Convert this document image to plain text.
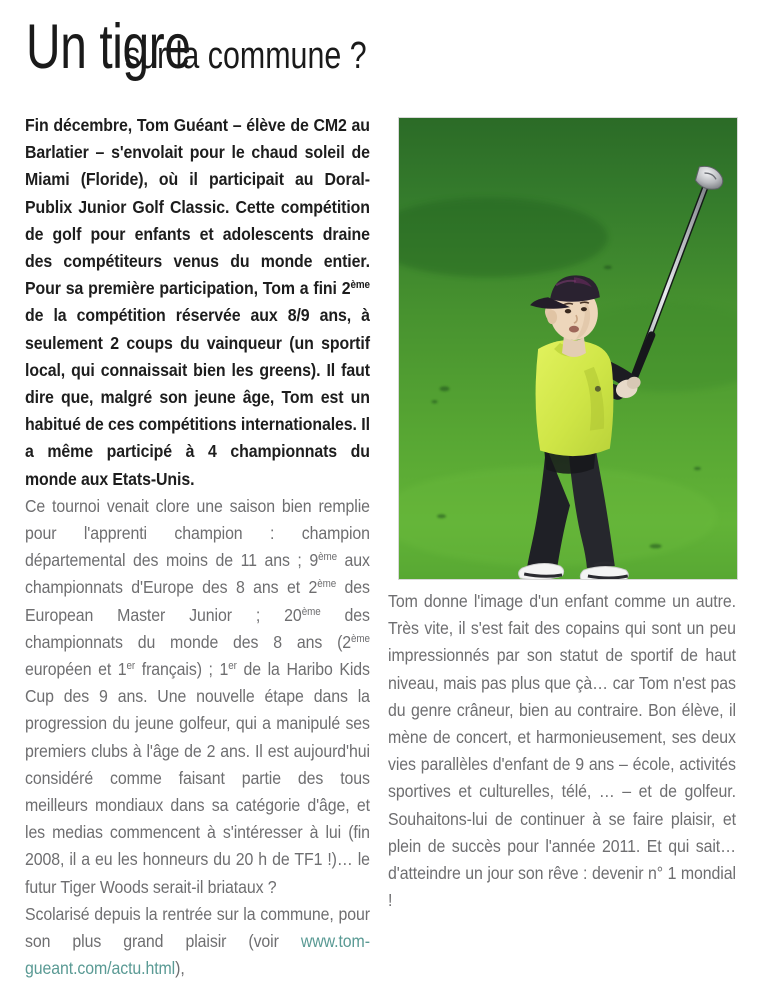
Un tigresur la commune ?

Fin décembre, Tom Guéant – élève de CM2 au Barlatier – s'envolait pour le chaud soleil de Miami (Floride), où il participait au Doral-Publix Junior Golf Classic. Cette compétition de golf pour enfants et adolescents draine des compétiteurs venus du monde entier. Pour sa première participation, Tom a fini 2ème de la compétition réservée aux 8/9 ans, à seulement 2 coups du vainqueur (un sportif local, qui connaissait bien les greens). Il faut dire que, malgré son jeune âge, Tom est un habitué de ces compétitions internationales. Il a même participé à 4 championnats du monde aux Etats-Unis.

Ce tournoi venait clore une saison bien remplie pour l'apprenti champion : champion départemental des moins de 11 ans ; 9ème aux championnats d'Europe des 8 ans et 2ème des European Master Junior ; 20ème des championnats du monde des 8 ans (2ème européen et 1er français) ; 1er de la Haribo Kids Cup des 9 ans. Une nouvelle étape dans la progression du jeune golfeur, qui a manipulé ses premiers clubs à l'âge de 2 ans. Il est aujourd'hui considéré comme faisant partie des tous meilleurs mondiaux dans sa catégorie d'âge, et les medias commencent à s'intéresser à lui (fin 2008, il a eu les honneurs du 20 h de TF1 !)… le futur Tiger Woods serait-il briataux ?

Scolarisé depuis la rentrée sur la commune, pour son plus grand plaisir (voir www.tom-gueant.com/actu.html),

Tom donne l'image d'un enfant comme un autre. Très vite, il s'est fait des copains qui sont un peu impressionnés par son statut de sportif de haut niveau, mais pas plus que çà… car Tom n'est pas du genre crâneur, bien au contraire. Bon élève, il mène de concert, et harmonieusement, ses deux vies parallèles d'enfant de 9 ans – école, activités sportives et culturelles, télé, … – et de golfeur. Souhaitons-lui de continuer à se faire plaisir, et plein de succès pour l'année 2011. Et qui sait… d'atteindre un jour son rêve : devenir n° 1 mondial !
